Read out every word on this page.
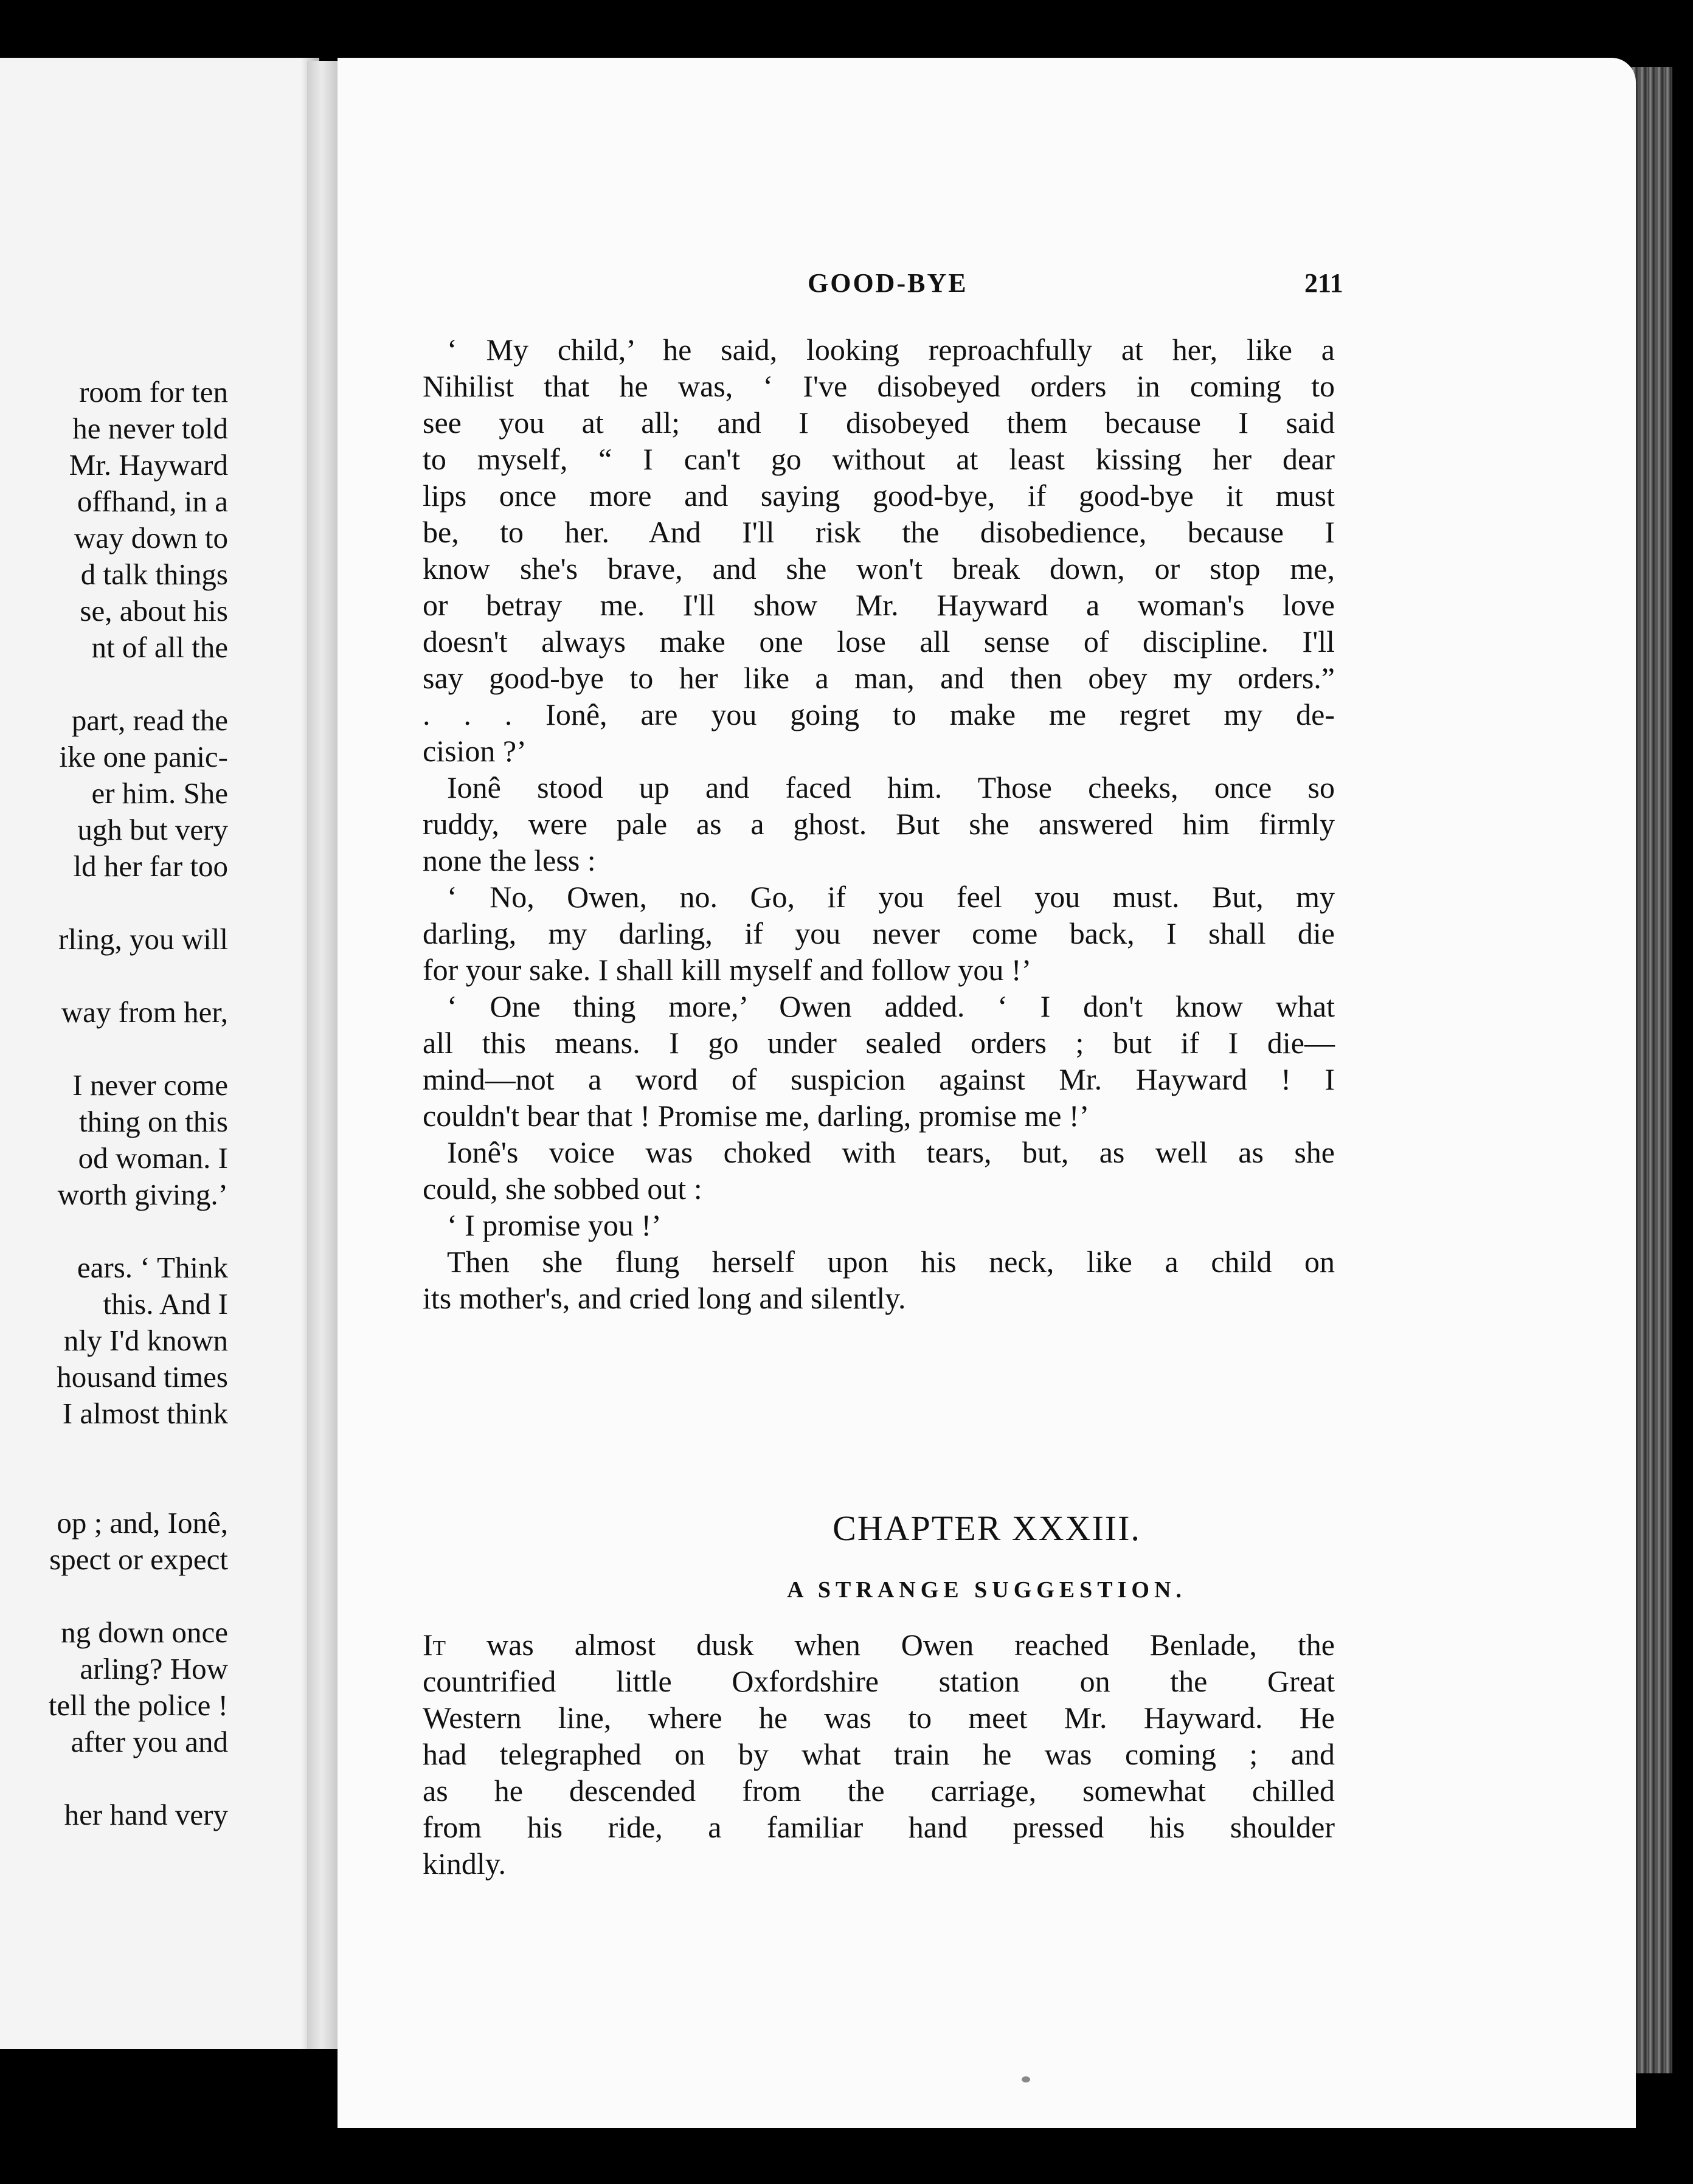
room for ten
he never told
Mr. Hayward
offhand, in a
way down to
d talk things
se, about his
nt of all the
part, read the
ike one panic-
er him. She
ugh but very
ld her far too
rling, you will
way from her,
I never come
thing on this
od woman. I
worth giving.’
ears. ‘ Think
this. And I
nly I'd known
housand times
I almost think
op ; and, Ionê,
spect or expect
ng down once
arling? How
tell the police !
after you and
her hand very
GOOD-BYE	211
‘ My child,’ he said, looking reproachfully at her, like a
Nihilist that he was, ‘ I've disobeyed orders in coming to
see you at all; and I disobeyed them because I said
to myself, “ I can't go without at least kissing her dear
lips once more and saying good-bye, if good-bye it must
be, to her. And I'll risk the disobedience, because I
know she's brave, and she won't break down, or stop me,
or betray me. I'll show Mr. Hayward a woman's love
doesn't always make one lose all sense of discipline. I'll
say good-bye to her like a man, and then obey my orders.”
. . . Ionê, are you going to make me regret my de-
cision ?’
Ionê stood up and faced him. Those cheeks, once so
ruddy, were pale as a ghost. But she answered him firmly
none the less :
‘ No, Owen, no. Go, if you feel you must. But, my
darling, my darling, if you never come back, I shall die
for your sake. I shall kill myself and follow you !’
‘ One thing more,’ Owen added. ‘ I don't know what
all this means. I go under sealed orders ; but if I die—
mind—not a word of suspicion against Mr. Hayward ! I
couldn't bear that ! Promise me, darling, promise me !’
Ionê's voice was choked with tears, but, as well as she
could, she sobbed out :
‘ I promise you !’
Then she flung herself upon his neck, like a child on
its mother's, and cried long and silently.
CHAPTER XXXIII.
A STRANGE SUGGESTION.
It was almost dusk when Owen reached Benlade, the
countrified little Oxfordshire station on the Great
Western line, where he was to meet Mr. Hayward. He
had telegraphed on by what train he was coming ; and
as he descended from the carriage, somewhat chilled
from his ride, a familiar hand pressed his shoulder
kindly.
